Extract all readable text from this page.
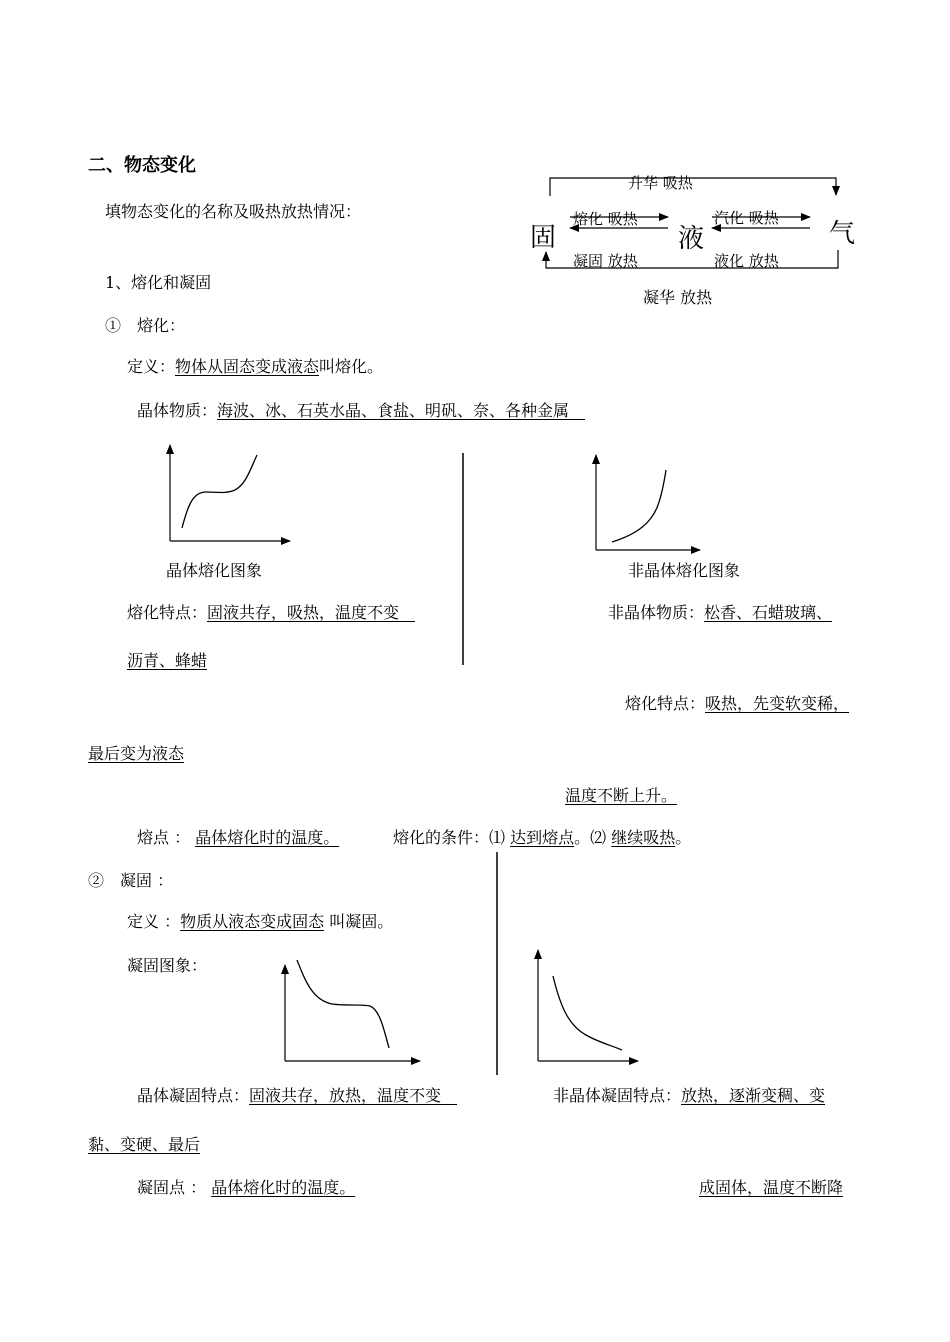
二、物态变化
填物态变化的名称及吸热放热情况：
升华 吸热
熔化 吸热	汽化 吸热
固	液	气
凝固 放热	液化 放热
凝华 放热
1、熔化和凝固
①　熔化：
定义：物体从固态变成液态叫熔化。
晶体物质：海波、冰、石英水晶、食盐、明矾、奈、各种金属　
晶体熔化图象	非晶体熔化图象
熔化特点：固液共存，吸热，温度不变　	非晶体物质：松香、石蜡玻璃、
沥青、蜂蜡
熔化特点：吸热，先变软变稀，
最后变为液态
温度不断上升。
熔点 ： 晶体熔化时的温度。	熔化的条件：⑴ 达到熔点。⑵ 继续吸热。
②　凝固 ：
定义 ：物质从液态变成固态 叫凝固。
凝固图象：
晶体凝固特点：固液共存，放热，温度不变　	非晶体凝固特点：放热，逐渐变稠、变
黏、变硬、最后
凝固点 ： 晶体熔化时的温度。	成固体，温度不断降
